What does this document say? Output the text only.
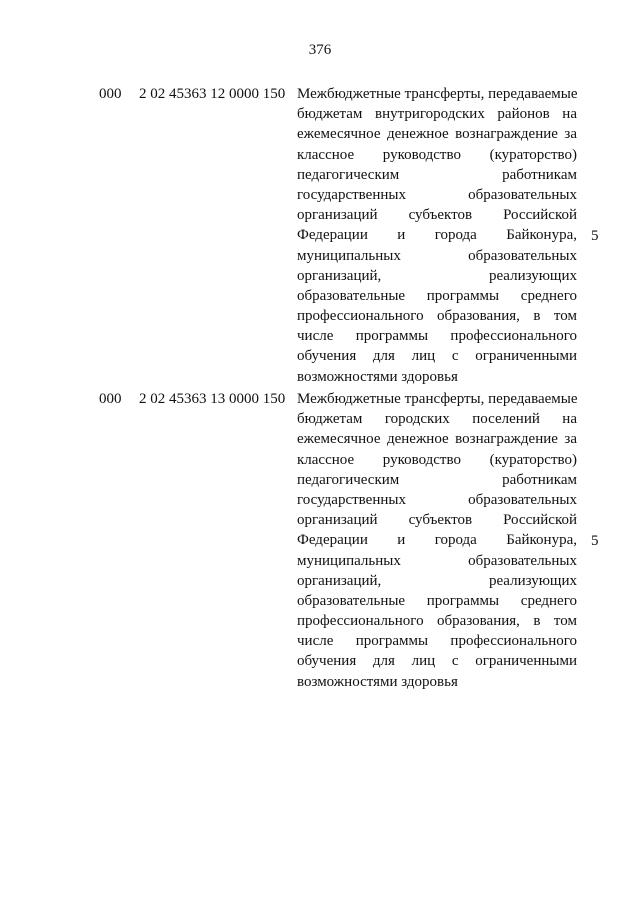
376
000 2 02 45363 12 0000 150 Межбюджетные трансферты, передаваемые
бюджетам внутригородских районов на
ежемесячное денежное вознаграждение за
классное руководство (кураторство)
педагогическим работникам
государственных образовательных
организаций субъектов Российской
Федерации и города Байконура,
муниципальных образовательных
организаций, реализующих
образовательные программы среднего
профессионального образования, в том
числе программы профессионального
обучения для лиц с ограниченными
возможностями здоровья
5
000 2 02 45363 13 0000 150 Межбюджетные трансферты, передаваемые
бюджетам городских поселений на
ежемесячное денежное вознаграждение за
классное руководство (кураторство)
педагогическим работникам
государственных образовательных
организаций субъектов Российской
Федерации и города Байконура,
муниципальных образовательных
организаций, реализующих
образовательные программы среднего
профессионального образования, в том
числе программы профессионального
обучения для лиц с ограниченными
возможностями здоровья
5
